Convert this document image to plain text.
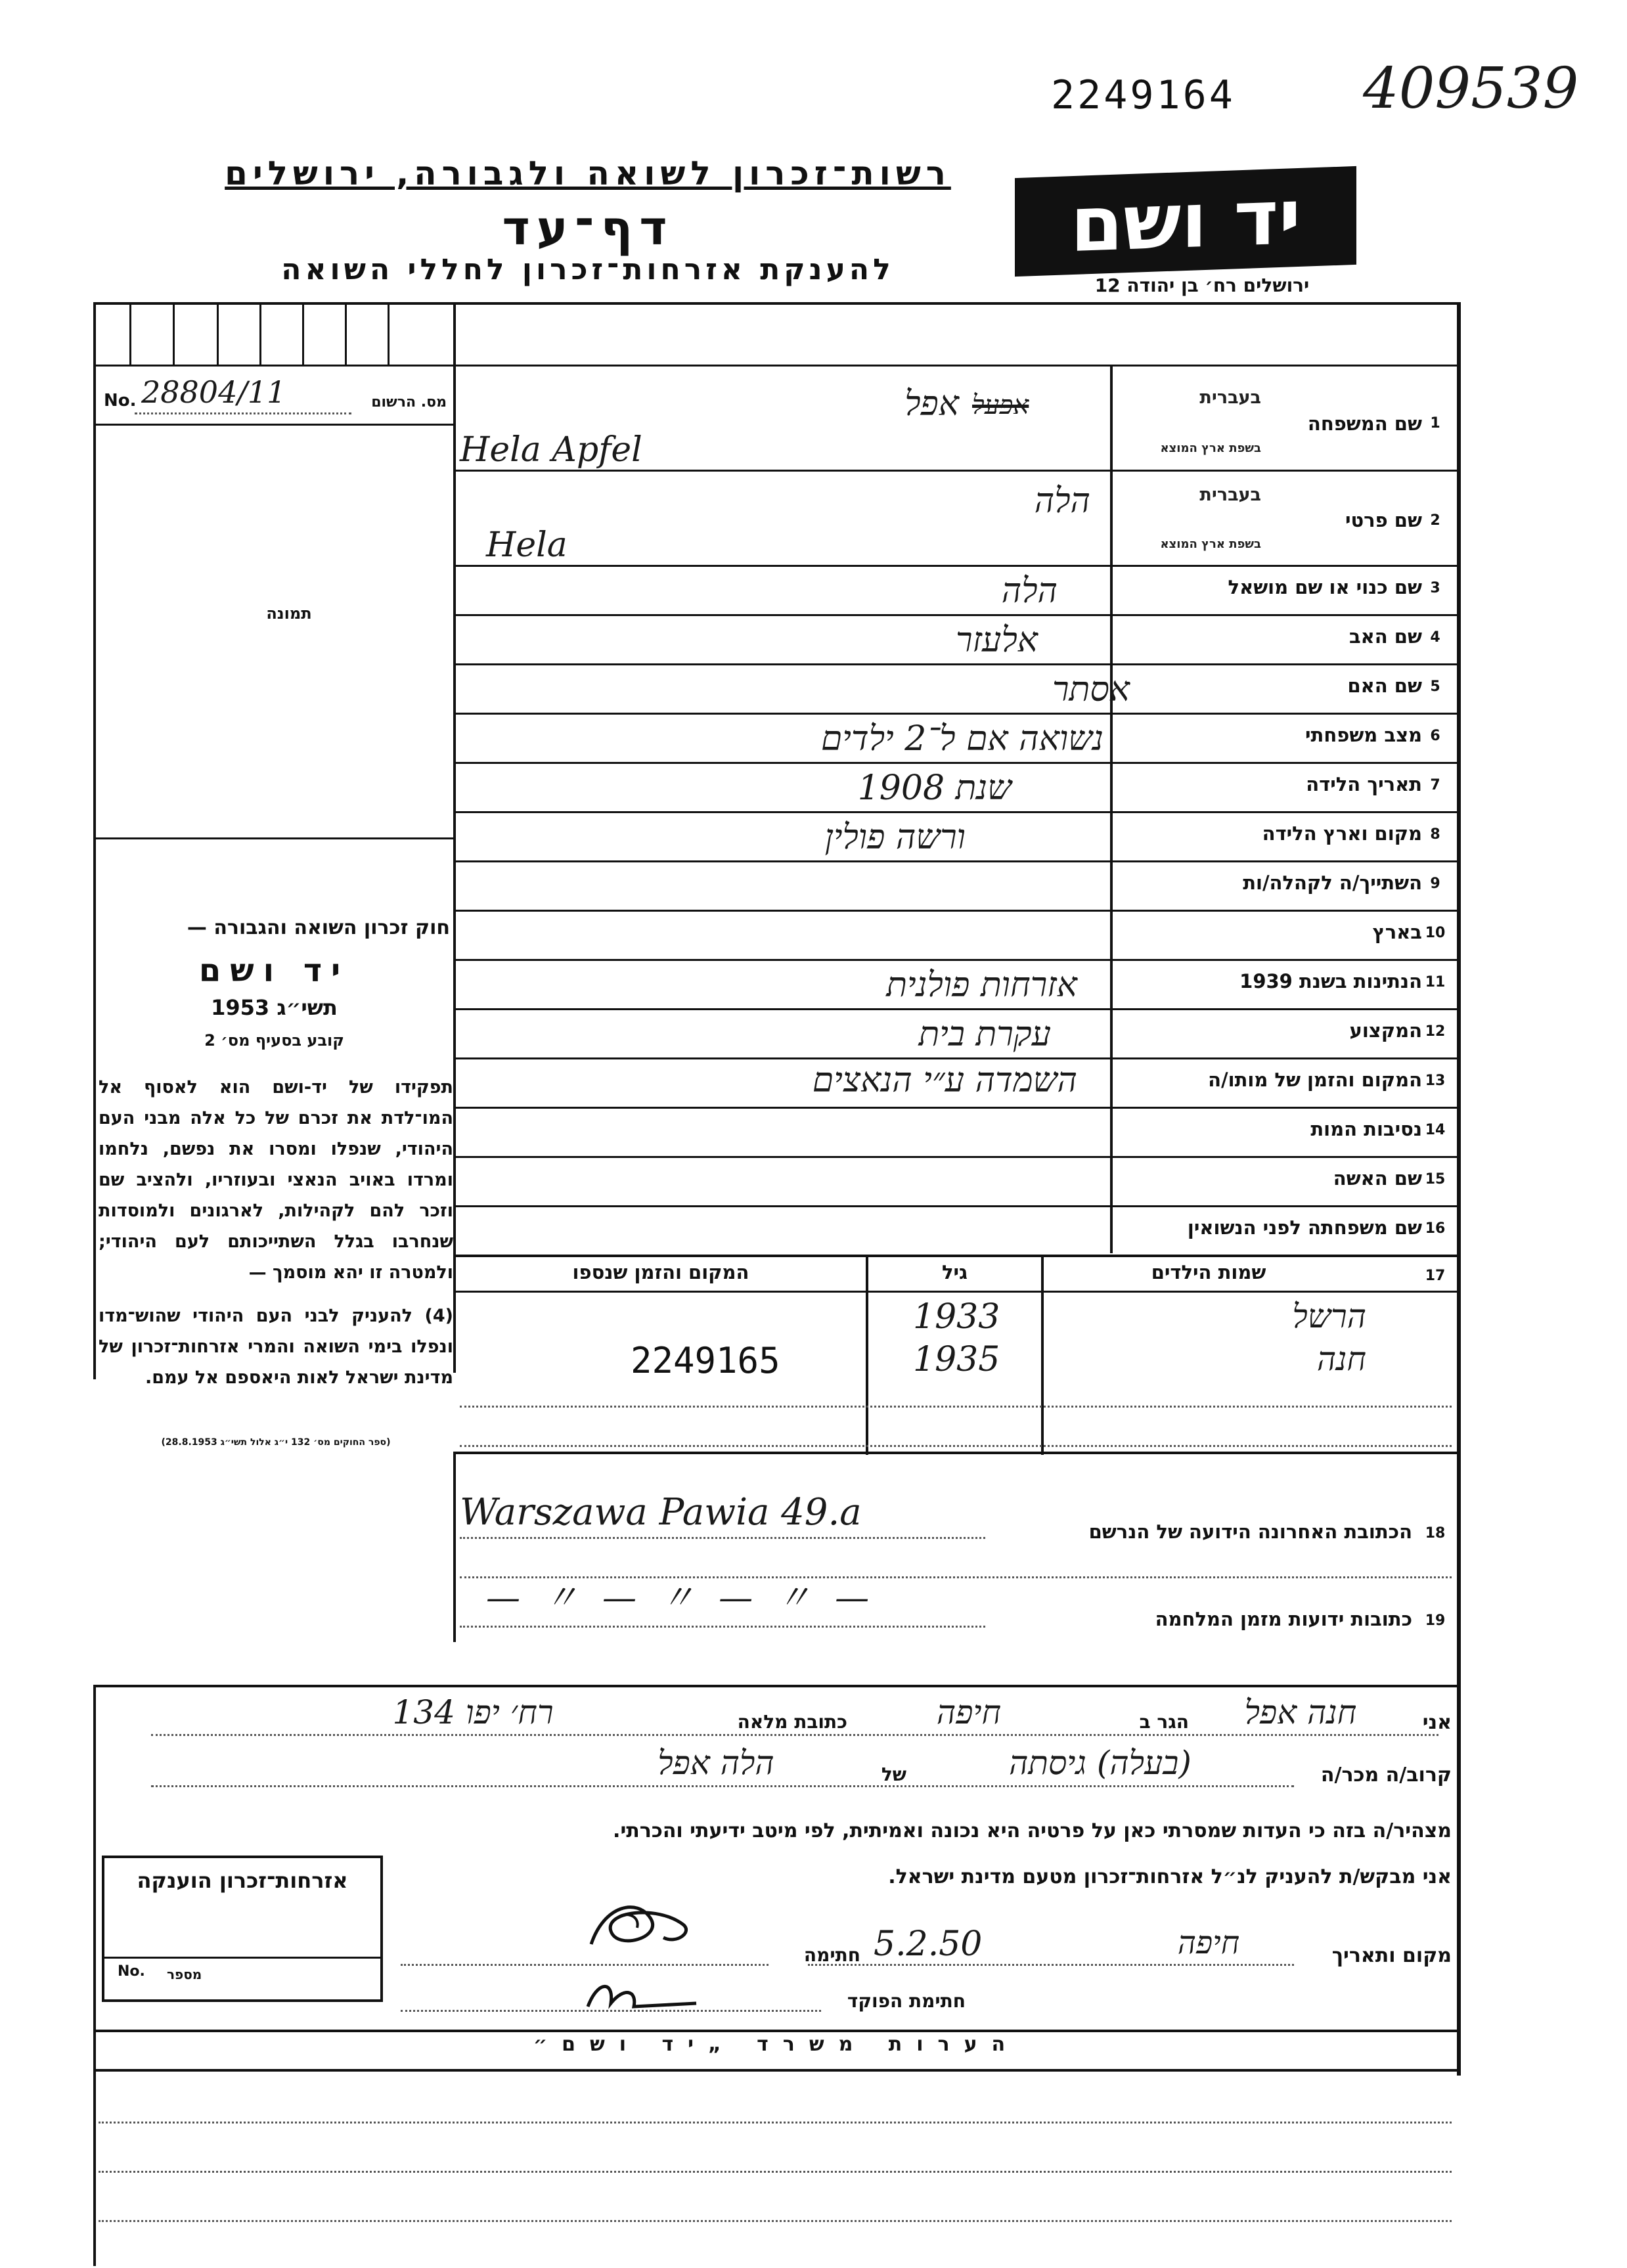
2249164 409539
רשות־זכרון לשואה ולגבורה, ירושלים
דף־עד
להענקת אזרחות־זכרון לחללי השואה
יד ושם
ירושלים רח׳ בן יהודה 12
מס. הרשום
No. 28804/11
תמונה
חוק זכרון השואה והגבורה —
יד ושם
תשי״ג 1953
קובע בסעיף מס׳ 2
תפקידו של יד-ושם הוא לאסוף אל המו־לדת את זכרם של כל אלה מבני העם היהודי, שנפלו ומסרו את נפשם, נלחמו ומרדו באויב הנאצי ובעוזריו, ולהציב שם וזכר להם לקהילות, לארגונים ולמוסדות שנחרבו בגלל השתייכותם לעם היהודי; ולמטרה זו יהא מוסמך —
(4) להעניק לבני העם היהודי שהוש־מדו ונפלו בימי השואה והמרי אזרחות־זכרון של מדינת ישראל לאות היאספם אל עמם.
(ספר החוקים מס׳ 132 י״ג אלול תשי״ג 28.8.1953)
1
שם המשפחה
בעברית
בשפת ארץ המוצא
אפל אפעל
Hela Apfel
2
שם פרטי
בעברית
בשפת ארץ המוצא
הלה
Hela
3
שם כנוי או שם מושאל
הלה
4
שם האב
אלעזר
5
שם האם
אסתר
6
מצב משפחתי
נשואה אם ל־2 ילדים
7
תאריך הלידה
שנת 1908
8
מקום וארץ הלידה
ורשה פולין
9
השתייך/ה לקהלה/ות
10
בארץ
11
הנתינות בשנת 1939
אזרחות פולנית
12
המקצוע
עקרת בית
13
המקום והזמן של מותו/ה
השמדה ע״י הנאצים
14
נסיבות המות
15
שם האשה
16
שם משפחתה לפני הנשואין
17
שמות הילדים
גיל
המקום והזמן שנספו
הרשל
1933
חנה
1935
2249165
18
הכתובת האחרונה הידועה של הנרשם
Warszawa Pawia 49.a
19
כתובות ידועות מזמן המלחמה
— 〃 — 〃 — 〃 —
אני
חנה אפל
הגר ב
חיפה
כתובת מלאה
רח׳ יפו 134
קרוב/ה מכר/ה
(בעלה) גיסתה
של
הלה אפל
מצהיר/ה בזה כי העדות שמסרתי כאן על פרטיה היא נכונה ואמיתית, לפי מיטב ידיעתי והכרתי.
אני מבקש/ת להעניק לנ״ל אזרחות־זכרון מטעם מדינת ישראל.
מקום ותאריך
חיפה
5.2.50
חתימה
חתימת הפוקד
אזרחות־זכרון הוענקה
מספר
No.
הערות משרד „יד ושם״
